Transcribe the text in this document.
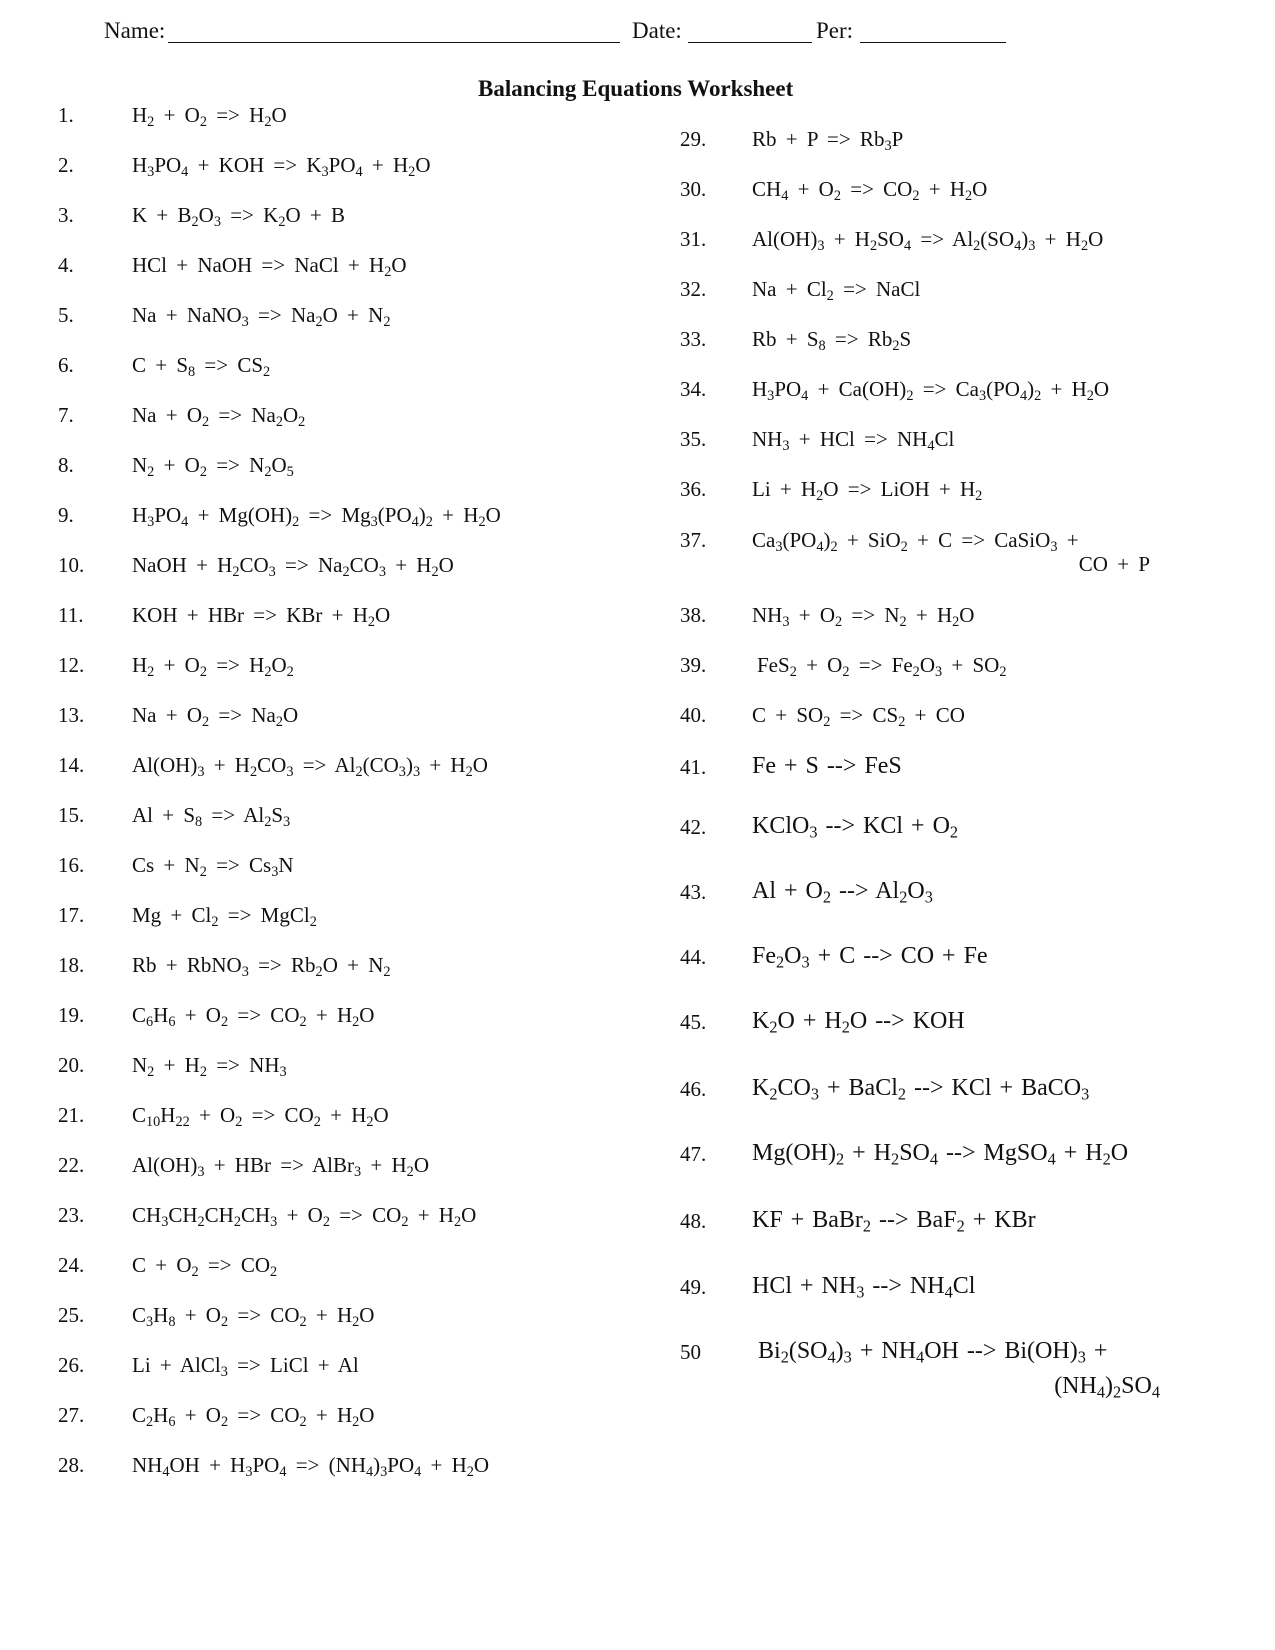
Name:	Date:	Per:
Balancing Equations Worksheet
1.	$H_2 + O_2 => H_2O$
2.	$H_3PO_4$ + KOH => $K_3PO_4 + H_2O$
3.	$K + B_2O_3 => K_2O + B$
4.	HCl + NaOH => NaCl + $H_2O$
5.	Na + NaNO$_3$ => $Na_2O + N_2$
6.	$C + S_8 => CS_2$
7.	$Na + O_2 => Na_2O_2$
8.	$N_2 + O_2 => N_2O_5$
9.	$H_3PO_4 + Mg(OH)_2 => Mg_3(PO_4)_2 + H_2O$
10. NaOH + $H_2CO_3 => Na_2CO_3 + H_2O$
11. KOH + HBr => KBr + $H_2O$
12. $H_2 + O_2 => H_2O_2$
13. $Na + O_2 => Na_2O$
14. $Al(OH)_3 + H_2CO_3 => Al_2(CO_3)_3 + H_2O$
15. $Al + S_8 => Al_2S_3$
16. $Cs + N_2 => Cs_3N$
17. $Mg + Cl_2$ => MgCl$_2$
18. Rb + RbNO$_3$ => $Rb_2O + N_2$
19. $C_6H_6 + O_2 => CO_2 + H_2O$
20. $N_2 + H_2 => NH_3$
21. $C_{10}H_{22} + O_2 => CO_2 + H_2O$
22. $Al(OH)_3$ + HBr => AlBr$_3$ + $H_2O$
23. $CH_3CH_2CH_2CH_3 + O_2 => CO_2 + H_2O$
24. $C + O_2 => CO_2$
25. $C_3H_8 + O_2 => CO_2 + H_2O$
26. Li + AlCl$_3$ => LiCl + Al
27. $C_2H_6 + O_2 => CO_2 + H_2O$
28. $NH_4OH + H_3PO_4 => (NH_4)_3PO_4 + H_2O$
29. $Rb + P => Rb_3P$
30. $CH_4 + O_2 => CO_2 + H_2O$
31. $Al(OH)_3 + H_2SO_4 => Al_2(SO_4)_3 + H_2O$
32. $Na + Cl_2$ => NaCl
33. $Rb + S_8 => Rb_2S$
34. $H_3PO_4 + Ca(OH)_2 => Ca_3(PO_4)_2 + H_2O$
35. $NH_3$ + HCl => $NH_4Cl$
36. $Li + H_2O$ => LiOH + $H_2$
37. $Ca_3(PO_4)_2 + SiO_2 + C$ => CaSiO$_3$ +
CO + P
38. $NH_3 + O_2 => N_2 + H_2O$
39. $FeS_2 + O_2 => Fe_2O_3 + SO_2$
40. $C + SO_2 => CS_2$ + CO
41. Fe + S --> FeS
42. KClO$_3$ --> KCl + $O_2$
43. $Al + O_2$ --> $Al_2O_3$
44. $Fe_2O_3 + C$ --> CO + Fe
45. $K_2O + H_2O$ --> KOH
46. $K_2CO_3$ + BaCl$_2$ --> KCl + BaCO$_3$
47. $Mg(OH)_2 + H_2SO_4$ --> MgSO$_4$ + $H_2O$
48. KF + BaBr$_2$ --> BaF$_2$ + KBr
49. HCl + $NH_3$ --> $NH_4Cl$
50 $Bi_2(SO_4)_3 + NH_4OH$ --> $Bi(OH)_3$ +
$(NH_4)_2SO_4$
